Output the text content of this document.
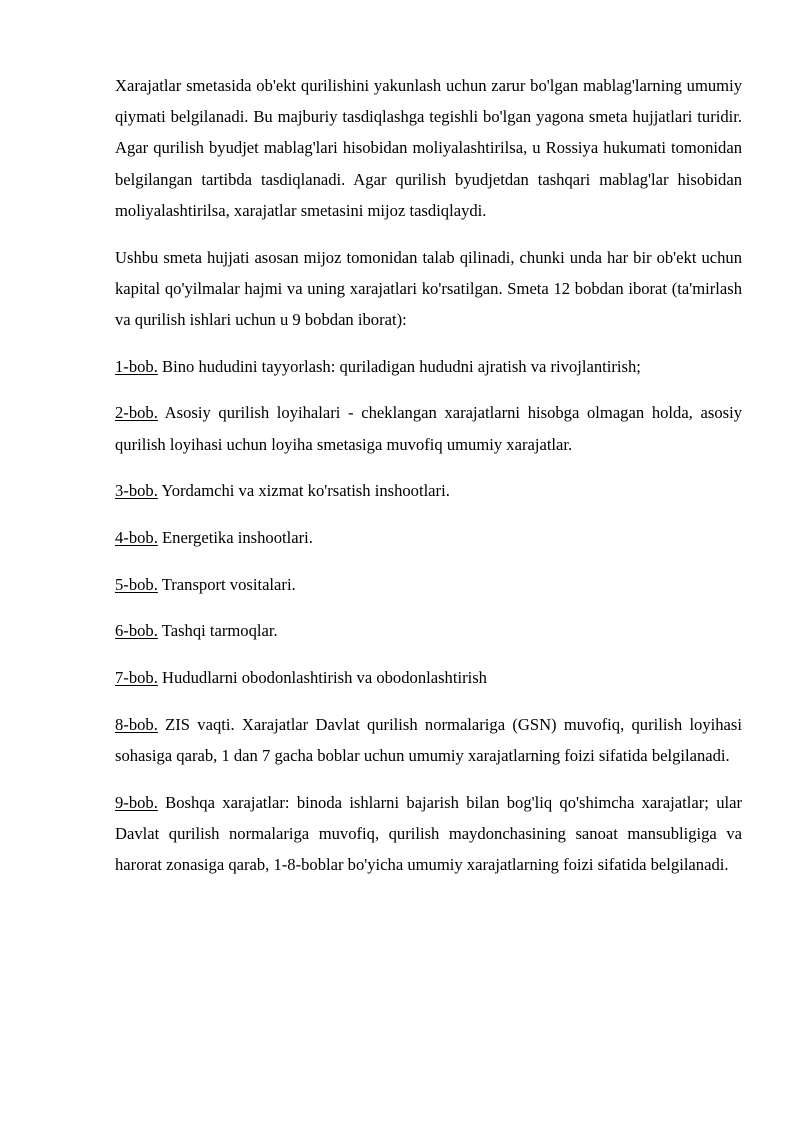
Xarajatlar smetasida ob'ekt qurilishini yakunlash uchun zarur bo'lgan mablag'larning umumiy qiymati belgilanadi. Bu majburiy tasdiqlashga tegishli bo'lgan yagona smeta hujjatlari turidir. Agar qurilish byudjet mablag'lari hisobidan moliyalashtirilsa, u Rossiya hukumati tomonidan belgilangan tartibda tasdiqlanadi. Agar qurilish byudjetdan tashqari mablag'lar hisobidan moliyalashtirilsa, xarajatlar smetasini mijoz tasdiqlaydi.

Ushbu smeta hujjati asosan mijoz tomonidan talab qilinadi, chunki unda har bir ob'ekt uchun kapital qo'yilmalar hajmi va uning xarajatlari ko'rsatilgan. Smeta 12 bobdan iborat (ta'mirlash va qurilish ishlari uchun u 9 bobdan iborat):

1-bob. Bino hududini tayyorlash: quriladigan hududni ajratish va rivojlantirish;

2-bob. Asosiy qurilish loyihalari - cheklangan xarajatlarni hisobga olmagan holda, asosiy qurilish loyihasi uchun loyiha smetasiga muvofiq umumiy xarajatlar.

3-bob. Yordamchi va xizmat ko'rsatish inshootlari.

4-bob. Energetika inshootlari.

5-bob. Transport vositalari.

6-bob. Tashqi tarmoqlar.

7-bob. Hududlarni obodonlashtirish va obodonlashtirish

8-bob. ZIS vaqti. Xarajatlar Davlat qurilish normalariga (GSN) muvofiq, qurilish loyihasi sohasiga qarab, 1 dan 7 gacha boblar uchun umumiy xarajatlarning foizi sifatida belgilanadi.

9-bob. Boshqa xarajatlar: binoda ishlarni bajarish bilan bog'liq qo'shimcha xarajatlar; ular Davlat qurilish normalariga muvofiq, qurilish maydonchasining sanoat mansubligiga va harorat zonasiga qarab, 1-8-boblar bo'yicha umumiy xarajatlarning foizi sifatida belgilanadi.
